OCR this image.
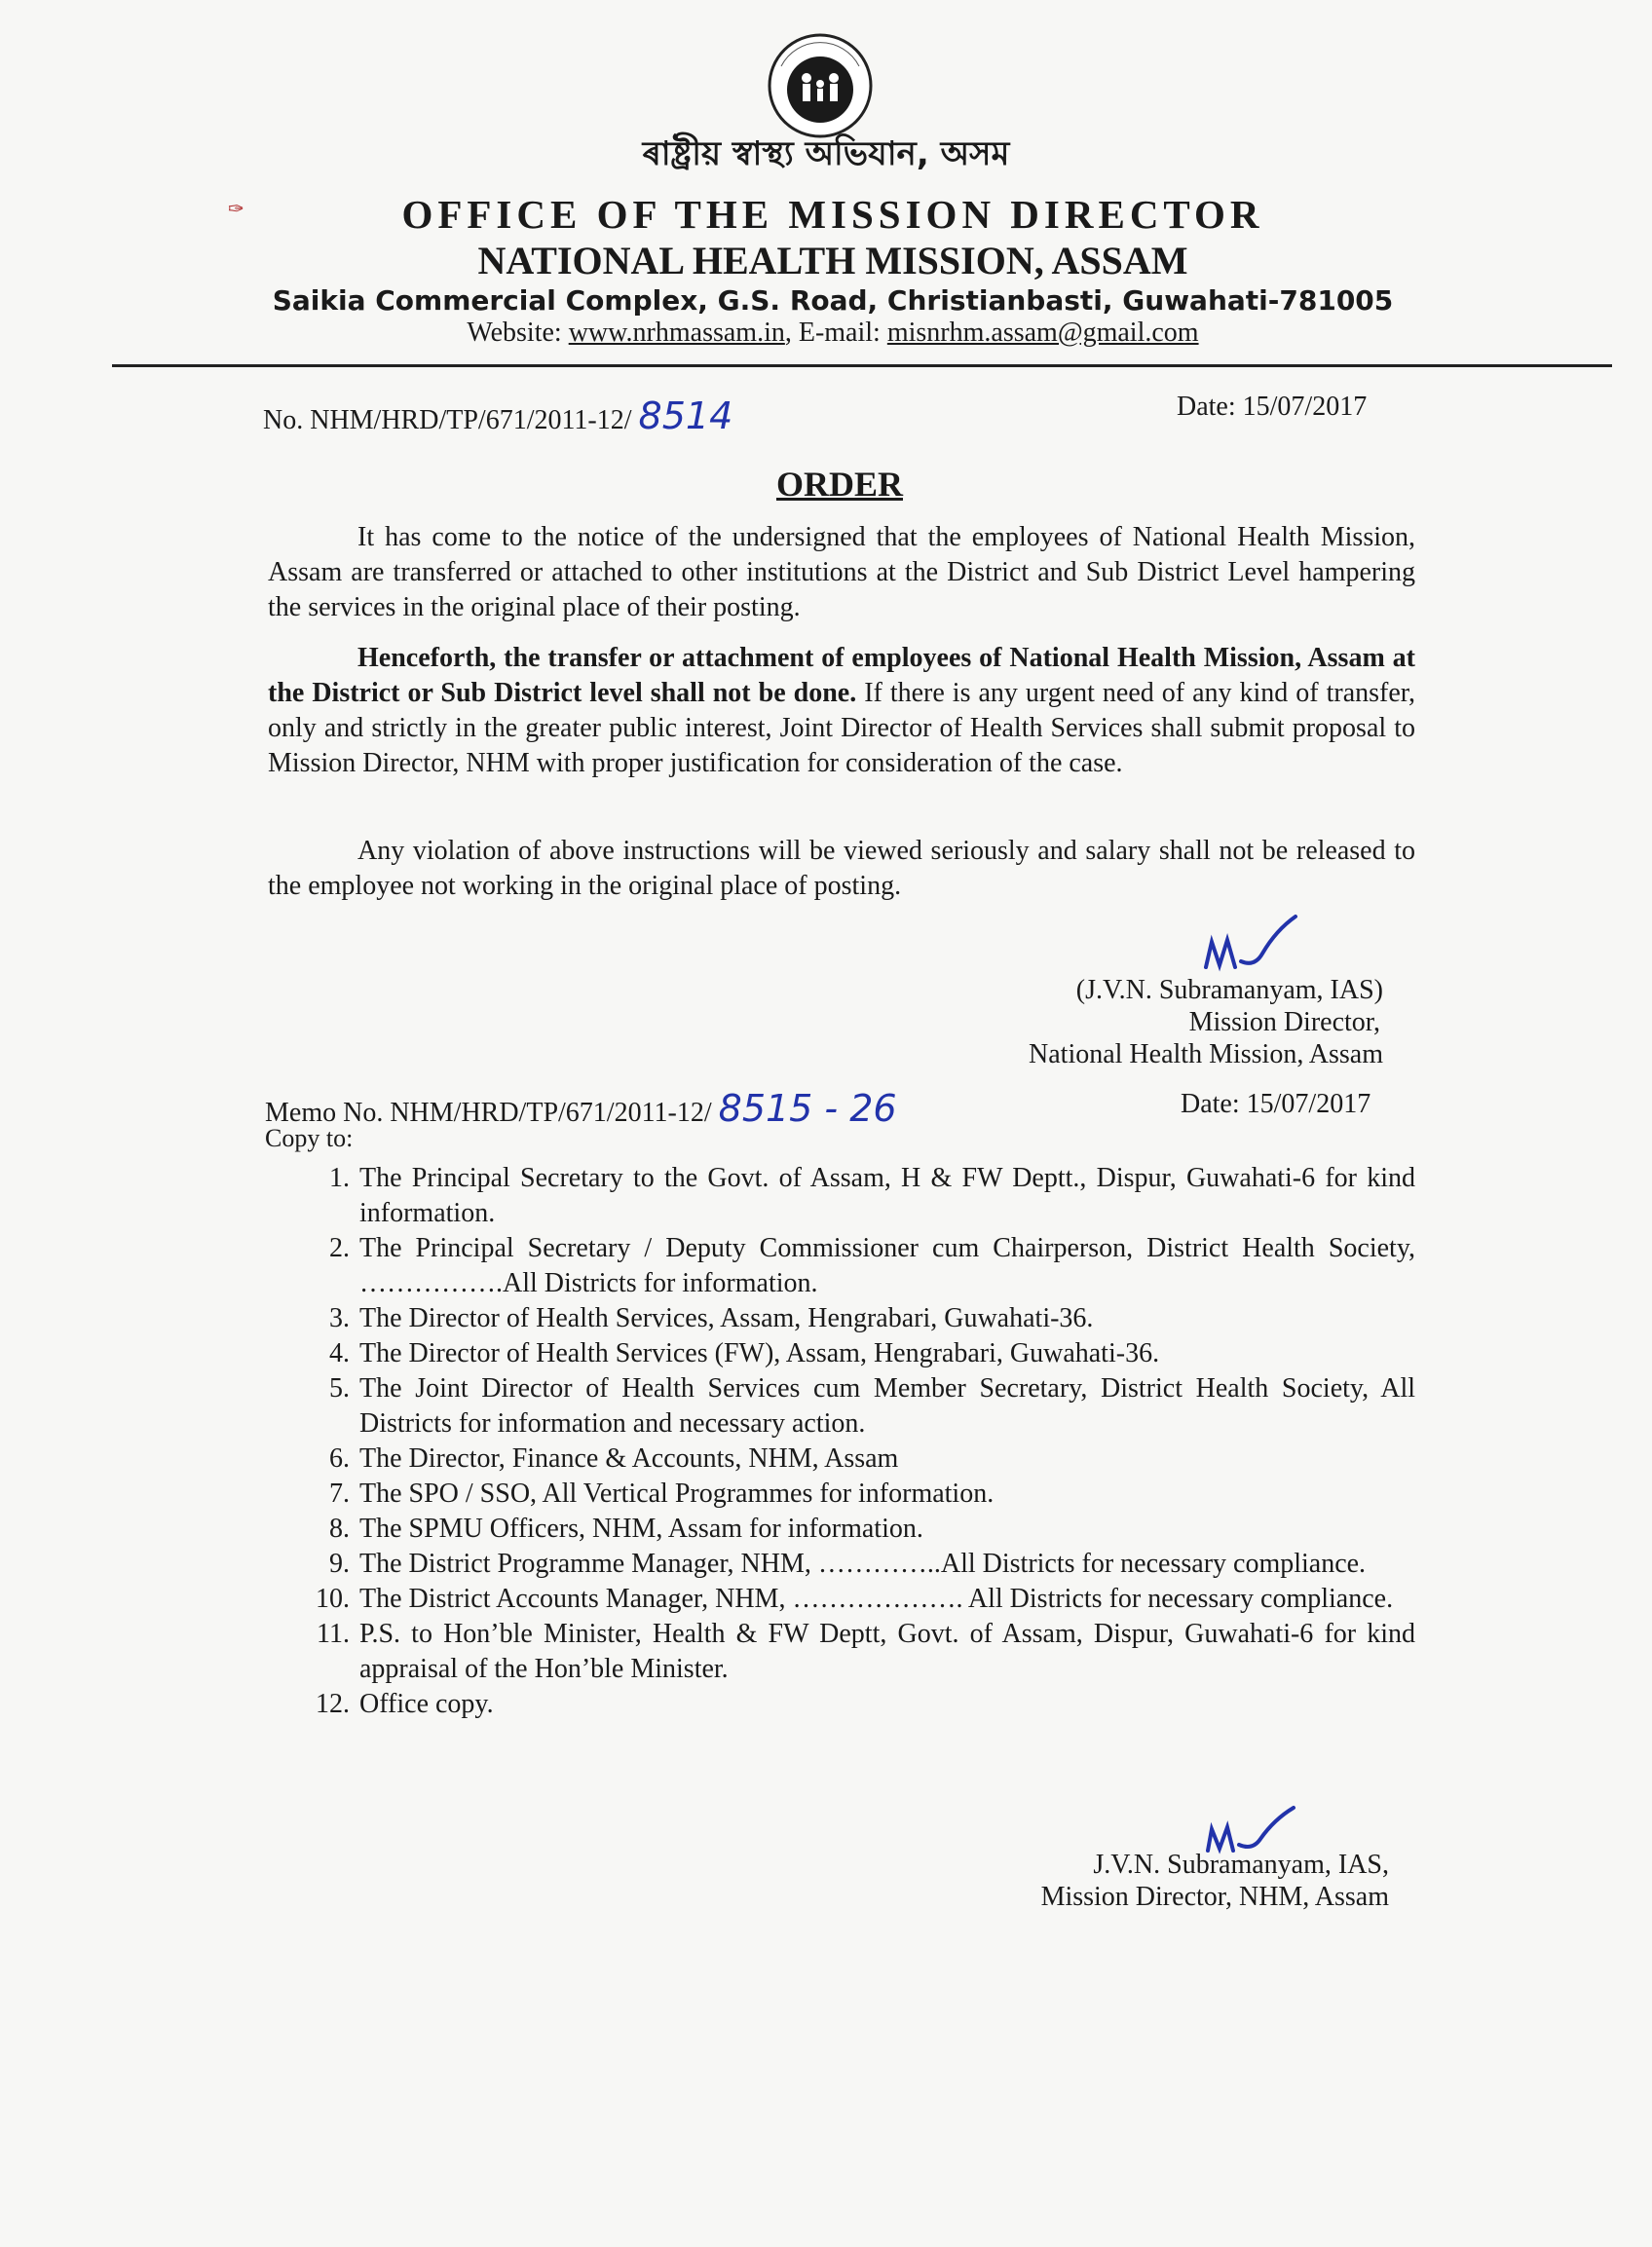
ৰাষ্ট্ৰীয় স্বাস্থ্য অভিযান, অসম
OFFICE OF THE MISSION DIRECTOR
NATIONAL HEALTH MISSION, ASSAM
Saikia Commercial Complex, G.S. Road, Christianbasti, Guwahati-781005
Website: www.nrhmassam.in, E-mail: misnrhm.assam@gmail.com
✑
No. NHM/HRD/TP/671/2011-12/ 8514	Date: 15/07/2017
ORDER
It has come to the notice of the undersigned that the employees of National Health Mission, Assam are transferred or attached to other institutions at the District and Sub District Level hampering the services in the original place of their posting.
Henceforth, the transfer or attachment of employees of National Health Mission, Assam at the District or Sub District level shall not be done. If there is any urgent need of any kind of transfer, only and strictly in the greater public interest, Joint Director of Health Services shall submit proposal to Mission Director, NHM with proper justification for consideration of the case.
Any violation of above instructions will be viewed seriously and salary shall not be released to the employee not working in the original place of posting.
(J.V.N. Subramanyam, IAS)
Mission Director,
National Health Mission, Assam
Memo No. NHM/HRD/TP/671/2011-12/ 8515 - 26	Date: 15/07/2017
Copy to:
1. The Principal Secretary to the Govt. of Assam, H & FW Deptt., Dispur, Guwahati-6 for kind information.
2. The Principal Secretary / Deputy Commissioner cum Chairperson, District Health Society, …………….All Districts for information.
3. The Director of Health Services, Assam, Hengrabari, Guwahati-36.
4. The Director of Health Services (FW), Assam, Hengrabari, Guwahati-36.
5. The Joint Director of Health Services cum Member Secretary, District Health Society, All Districts for information and necessary action.
6. The Director, Finance & Accounts, NHM, Assam
7. The SPO / SSO, All Vertical Programmes for information.
8. The SPMU Officers, NHM, Assam for information.
9. The District Programme Manager, NHM, …………..All Districts for necessary compliance.
10. The District Accounts Manager, NHM, ………………. All Districts for necessary compliance.
11. P.S. to Hon’ble Minister, Health & FW Deptt, Govt. of Assam, Dispur, Guwahati-6 for kind appraisal of the Hon’ble Minister.
12. Office copy.
J.V.N. Subramanyam, IAS,
Mission Director, NHM, Assam
